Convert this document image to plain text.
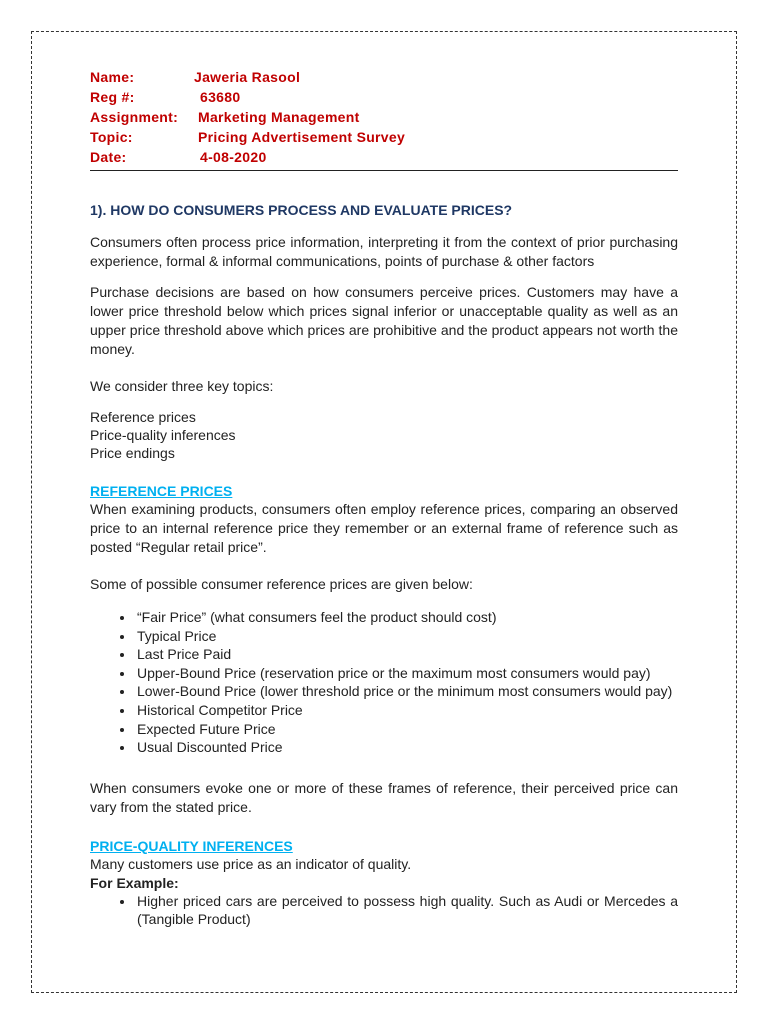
Name:	Jaweria Rasool
Reg #:	63680
Assignment:	Marketing Management
Topic:	Pricing Advertisement Survey
Date:	4-08-2020
1). HOW DO CONSUMERS PROCESS AND EVALUATE PRICES?

Consumers often process price information, interpreting it from the context of prior purchasing experience, formal & informal communications, points of purchase & other factors

Purchase decisions are based on how consumers perceive prices. Customers may have a lower price threshold below which prices signal inferior or unacceptable quality as well as an upper price threshold above which prices are prohibitive and the product appears not worth the money.

We consider three key topics:

Reference prices
Price-quality inferences
Price endings
REFERENCE PRICES

When examining products, consumers often employ reference prices, comparing an observed price to an internal reference price they remember or an external frame of reference such as posted “Regular retail price”.

Some of possible consumer reference prices are given below:

• “Fair Price” (what consumers feel the product should cost)
• Typical Price
• Last Price Paid
• Upper-Bound Price (reservation price or the maximum most consumers would pay)
• Lower-Bound Price (lower threshold price or the minimum most consumers would pay)
• Historical Competitor Price
• Expected Future Price
• Usual Discounted Price

When consumers evoke one or more of these frames of reference, their perceived price can vary from the stated price.

PRICE-QUALITY INFERENCES

Many customers use price as an indicator of quality.

For Example:
• Higher priced cars are perceived to possess high quality. Such as Audi or Mercedes a (Tangible Product)
